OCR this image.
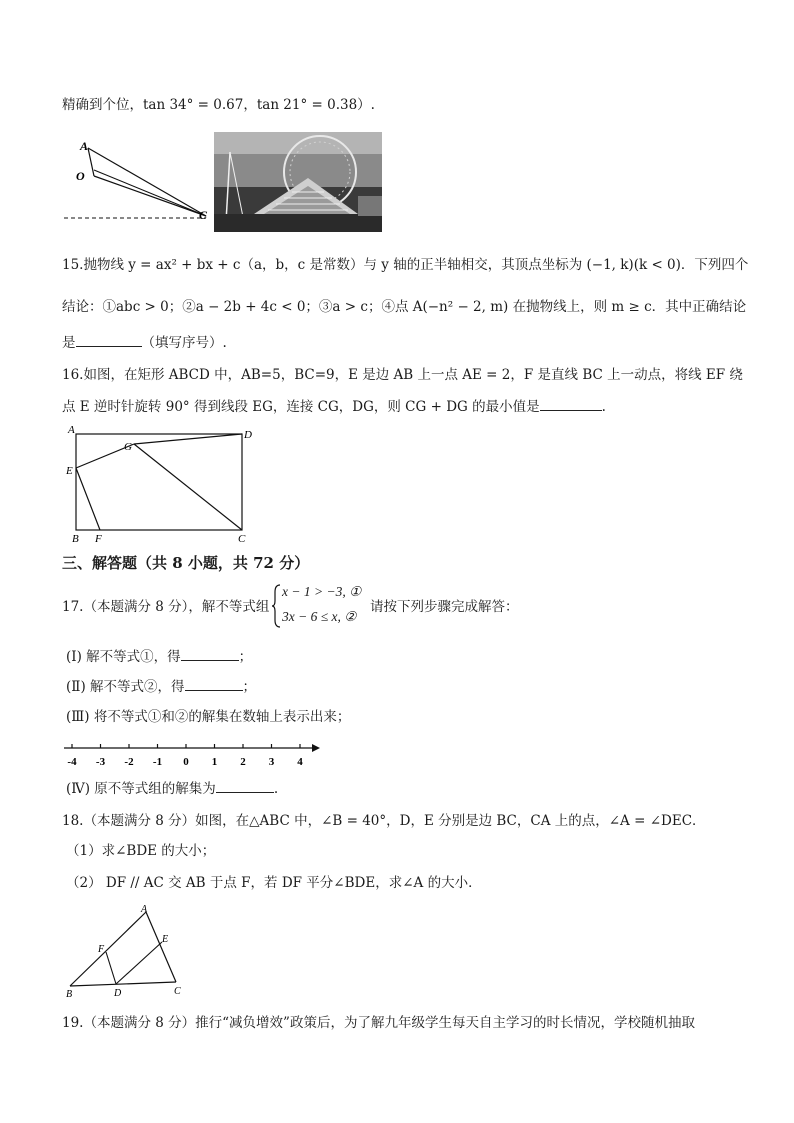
精确到个位，tan 34° = 0.67，tan 21° = 0.38）.
A
O
C
15.抛物线 y = ax² + bx + c（a，b，c 是常数）与 y 轴的正半轴相交，其顶点坐标为 (−1, k)(k < 0)．下列四个
结论：①abc > 0；②a − 2b + 4c < 0；③a > c；④点 A(−n² − 2, m) 在抛物线上，则 m ≥ c．其中正确结论
是	（填写序号）.
16.如图，在矩形 ABCD 中，AB=5，BC=9，E 是边 AB 上一点 AE = 2，F 是直线 BC 上一动点，将线 EF 绕
点 E 逆时针旋转 90° 得到线段 EG，连接 CG，DG，则 CG + DG 的最小值是	.
A	D
G
E
B F	C
三、解答题（共 8 小题，共 72 分）
17.（本题满分 8 分），解不等式组
x − 1 > −3, ①
3x − 6 ≤ x, ②
请按下列步骤完成解答：
(Ⅰ) 解不等式①，得	；
(Ⅱ) 解不等式②，得	；
(Ⅲ) 将不等式①和②的解集在数轴上表示出来；
-4 -3 -2 -1 0 1 2 3 4
(Ⅳ) 原不等式组的解集为	.
18.（本题满分 8 分）如图，在△ABC 中，∠B = 40°，D，E 分别是边 BC，CA 上的点，∠A = ∠DEC．
（1）求∠BDE 的大小；
（2） DF // AC 交 AB 于点 F，若 DF 平分∠BDE，求∠A 的大小．
A
E
F
B	D	C
19.（本题满分 8 分）推行“减负增效”政策后，为了解九年级学生每天自主学习的时长情况，学校随机抽取
